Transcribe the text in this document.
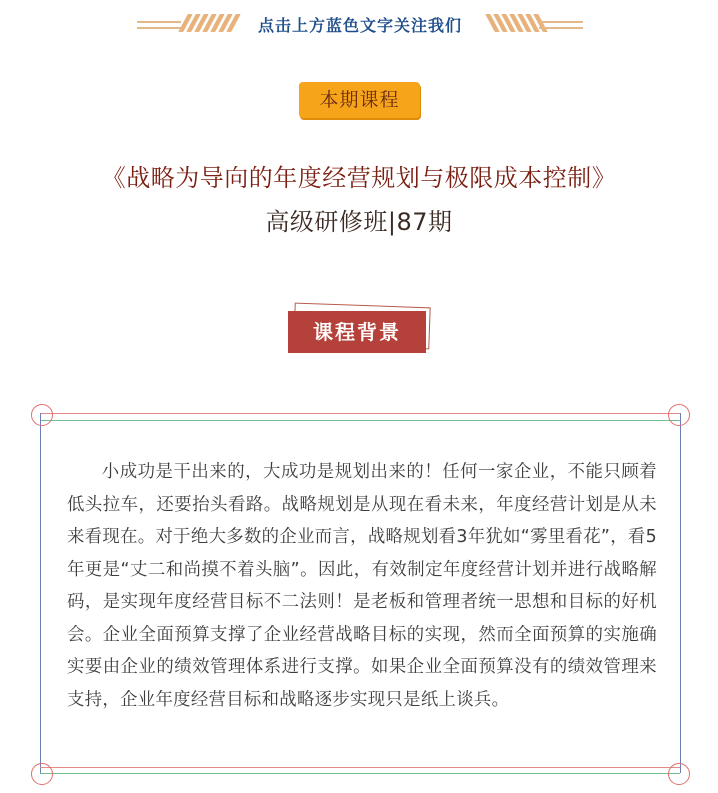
点击上方蓝色文字关注我们
本期课程
《战略为导向的年度经营规划与极限成本控制》
高级研修班|87期
课程背景

小成功是干出来的，大成功是规划出来的！任何一家企业，不能只顾着低头拉车，还要抬头看路。战略规划是从现在看未来，年度经营计划是从未来看现在。对于绝大多数的企业而言，战略规划看3年犹如“雾里看花”，看5年更是“丈二和尚摸不着头脑”。因此，有效制定年度经营计划并进行战略解码，是实现年度经营目标不二法则！是老板和管理者统一思想和目标的好机会。企业全面预算支撑了企业经营战略目标的实现，然而全面预算的实施确实要由企业的绩效管理体系进行支撑。如果企业全面预算没有的绩效管理来支持，企业年度经营目标和战略逐步实现只是纸上谈兵。
